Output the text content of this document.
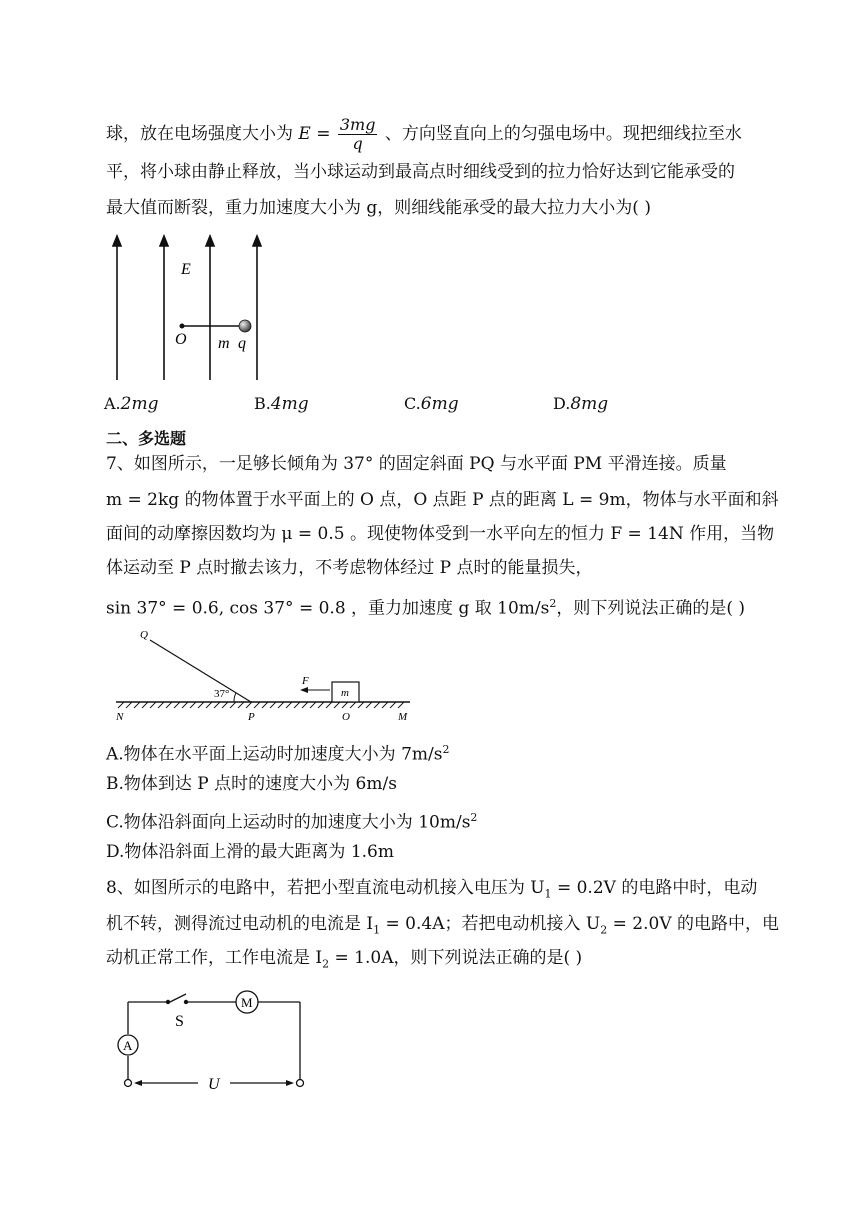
球，放在电场强度大小为 $E = \frac{3mg}{q}$ 、方向竖直向上的匀强电场中。现把细线拉至水
平，将小球由静止释放，当小球运动到最高点时细线受到的拉力恰好达到它能承受的
最大值而断裂，重力加速度大小为 g，则细线能承受的最大拉力大小为( )
E
O m q
A.2mg	B.4mg	C.6mg	D.8mg
二、多选题
7、如图所示，一足够长倾角为 37° 的固定斜面 PQ 与水平面 PM 平滑连接。质量
m = 2kg 的物体置于水平面上的 O 点，O 点距 P 点的距离 L = 9m，物体与水平面和斜
面间的动摩擦因数均为 μ = 0.5 。现使物体受到一水平向左的恒力 F = 14N 作用，当物
体运动至 P 点时撤去该力，不考虑物体经过 P 点时的能量损失，
sin 37° = 0.6, cos 37° = 0.8 ，重力加速度 g 取 $10m/s^2$，则下列说法正确的是( )
Q
37°
F
m
N	P	O	M
A.物体在水平面上运动时加速度大小为 $7m/s^2$
B.物体到达 P 点时的速度大小为 6m/s
C.物体沿斜面向上运动时的加速度大小为 $10m/s^2$
D.物体沿斜面上滑的最大距离为 1.6m
8、如图所示的电路中，若把小型直流电动机接入电压为 $U_1 = 0.2V$ 的电路中时，电动
机不转，测得流过电动机的电流是 $I_1 = 0.4A$；若把电动机接入 $U_2 = 2.0V$ 的电路中，电
动机正常工作，工作电流是 $I_2 = 1.0A$，则下列说法正确的是( )
S
M
A
U
